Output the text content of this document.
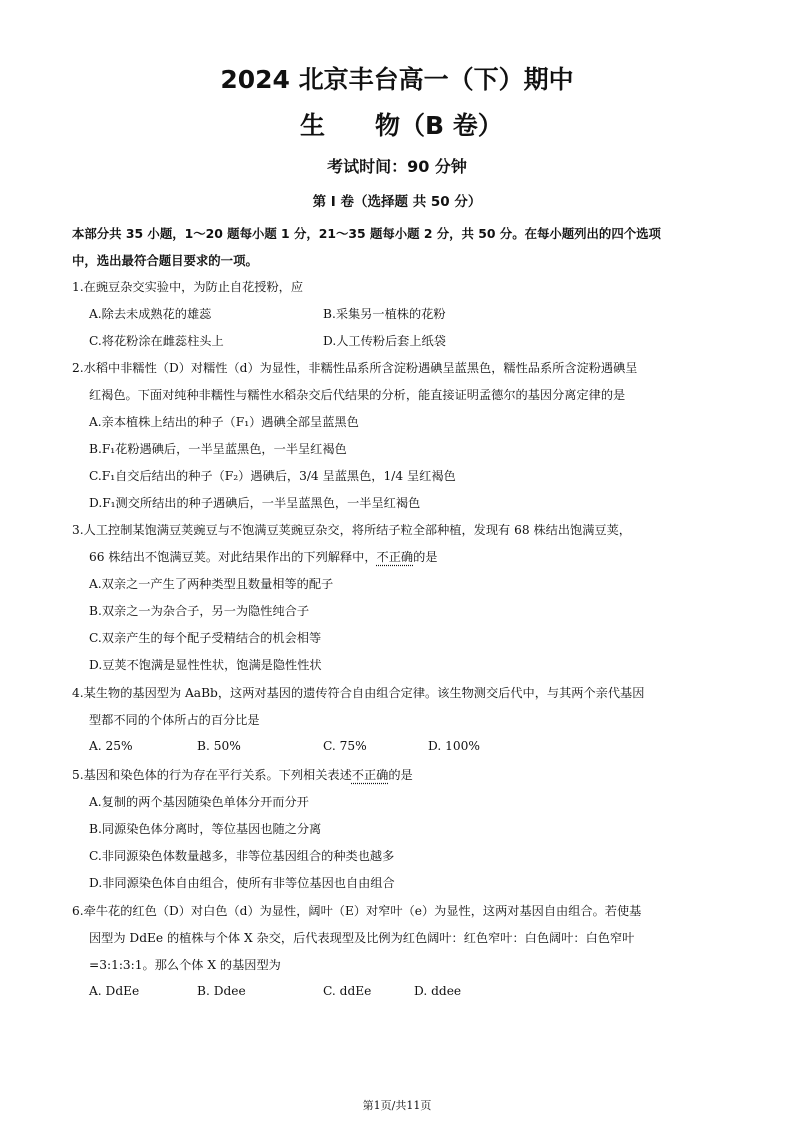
2024 北京丰台高一（下）期中
生 物（B 卷）
考试时间：90 分钟
第 I 卷（选择题 共 50 分）
本部分共 35 小题，1～20 题每小题 1 分，21～35 题每小题 2 分，共 50 分。在每小题列出的四个选项
中，选出最符合题目要求的一项。
1.在豌豆杂交实验中，为防止自花授粉，应
A.除去未成熟花的雄蕊	B.采集另一植株的花粉
C.将花粉涂在雌蕊柱头上	D.人工传粉后套上纸袋
2.水稻中非糯性（D）对糯性（d）为显性，非糯性品系所含淀粉遇碘呈蓝黑色，糯性品系所含淀粉遇碘呈
红褐色。下面对纯种非糯性与糯性水稻杂交后代结果的分析，能直接证明孟德尔的基因分离定律的是
A.亲本植株上结出的种子（F₁）遇碘全部呈蓝黑色
B.F₁花粉遇碘后，一半呈蓝黑色，一半呈红褐色
C.F₁自交后结出的种子（F₂）遇碘后，3/4 呈蓝黑色，1/4 呈红褐色
D.F₁测交所结出的种子遇碘后，一半呈蓝黑色，一半呈红褐色
3.人工控制某饱满豆荚豌豆与不饱满豆荚豌豆杂交，将所结子粒全部种植，发现有 68 株结出饱满豆荚，
66 株结出不饱满豆荚。对此结果作出的下列解释中，不正确的是
A.双亲之一产生了两种类型且数量相等的配子
B.双亲之一为杂合子，另一为隐性纯合子
C.双亲产生的每个配子受精结合的机会相等
D.豆荚不饱满是显性性状，饱满是隐性性状
4.某生物的基因型为 AaBb，这两对基因的遗传符合自由组合定律。该生物测交后代中，与其两个亲代基因
型都不同的个体所占的百分比是
A. 25%	B. 50%	C. 75%	D. 100%
5.基因和染色体的行为存在平行关系。下列相关表述不正确的是
A.复制的两个基因随染色单体分开而分开
B.同源染色体分离时，等位基因也随之分离
C.非同源染色体数量越多，非等位基因组合的种类也越多
D.非同源染色体自由组合，使所有非等位基因也自由组合
6.牵牛花的红色（D）对白色（d）为显性，阔叶（E）对窄叶（e）为显性，这两对基因自由组合。若使基
因型为 DdEe 的植株与个体 X 杂交，后代表现型及比例为红色阔叶：红色窄叶：白色阔叶：白色窄叶
=3:1:3:1。那么个体 X 的基因型为
A. DdEe	B. Ddee	C. ddEe	D. ddee
第1页/共11页
